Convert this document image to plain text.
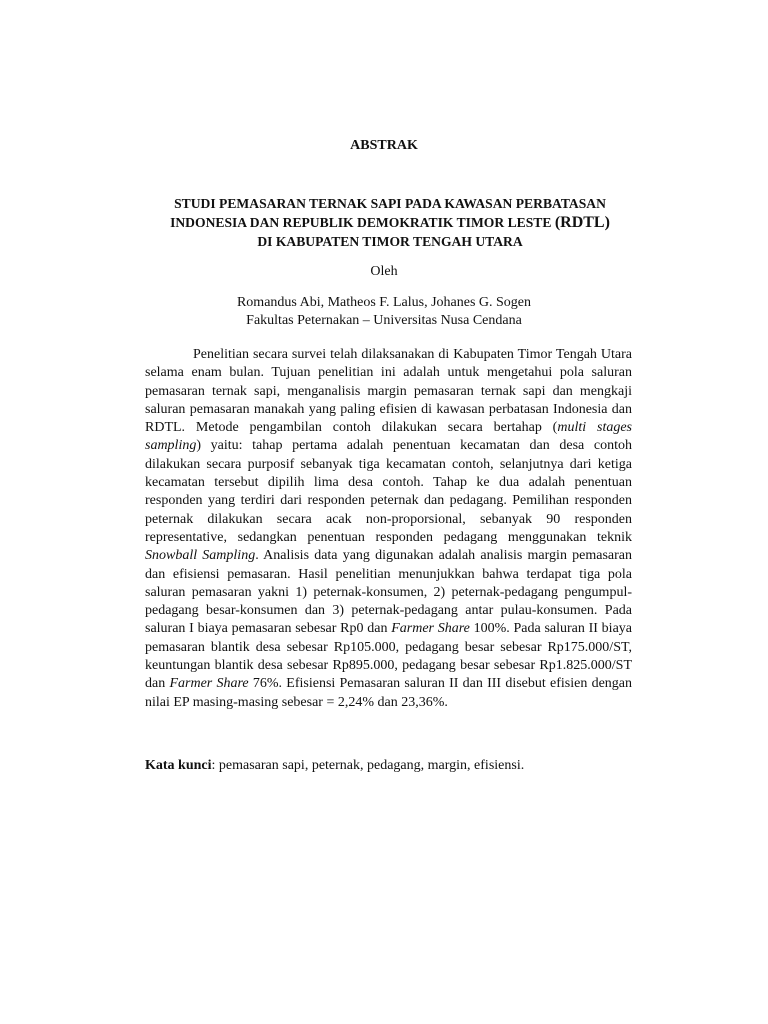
ABSTRAK
STUDI PEMASARAN TERNAK SAPI PADA KAWASAN PERBATASAN
INDONESIA DAN REPUBLIK DEMOKRATIK TIMOR LESTE (RDTL)
DI KABUPATEN TIMOR TENGAH UTARA
Oleh
Romandus Abi, Matheos F. Lalus, Johanes G. Sogen
Fakultas Peternakan – Universitas Nusa Cendana

Penelitian secara survei telah dilaksanakan di Kabupaten Timor Tengah Utara selama enam bulan. Tujuan penelitian ini adalah untuk mengetahui pola saluran pemasaran ternak sapi, menganalisis margin pemasaran ternak sapi dan mengkaji saluran pemasaran manakah yang paling efisien di kawasan perbatasan Indonesia dan RDTL. Metode pengambilan contoh dilakukan secara bertahap (multi stages sampling) yaitu: tahap pertama adalah penentuan kecamatan dan desa contoh dilakukan secara purposif sebanyak tiga kecamatan contoh, selanjutnya dari ketiga kecamatan tersebut dipilih lima desa contoh. Tahap ke dua adalah penentuan responden yang terdiri dari responden peternak dan pedagang. Pemilihan responden peternak dilakukan secara acak non-proporsional, sebanyak 90 responden representative, sedangkan penentuan responden pedagang menggunakan teknik Snowball Sampling. Analisis data yang digunakan adalah analisis margin pemasaran dan efisiensi pemasaran. Hasil penelitian menunjukkan bahwa terdapat tiga pola saluran pemasaran yakni 1) peternak-konsumen, 2) peternak-pedagang pengumpul-pedagang besar-konsumen dan 3) peternak-pedagang antar pulau-konsumen. Pada saluran I biaya pemasaran sebesar Rp0 dan Farmer Share 100%. Pada saluran II biaya pemasaran blantik desa sebesar Rp105.000, pedagang besar sebesar Rp175.000/ST, keuntungan blantik desa sebesar Rp895.000, pedagang besar sebesar Rp1.825.000/ST dan Farmer Share 76%. Efisiensi Pemasaran saluran II dan III disebut efisien dengan nilai EP masing-masing sebesar = 2,24% dan 23,36%.

Kata kunci: pemasaran sapi, peternak, pedagang, margin, efisiensi.
